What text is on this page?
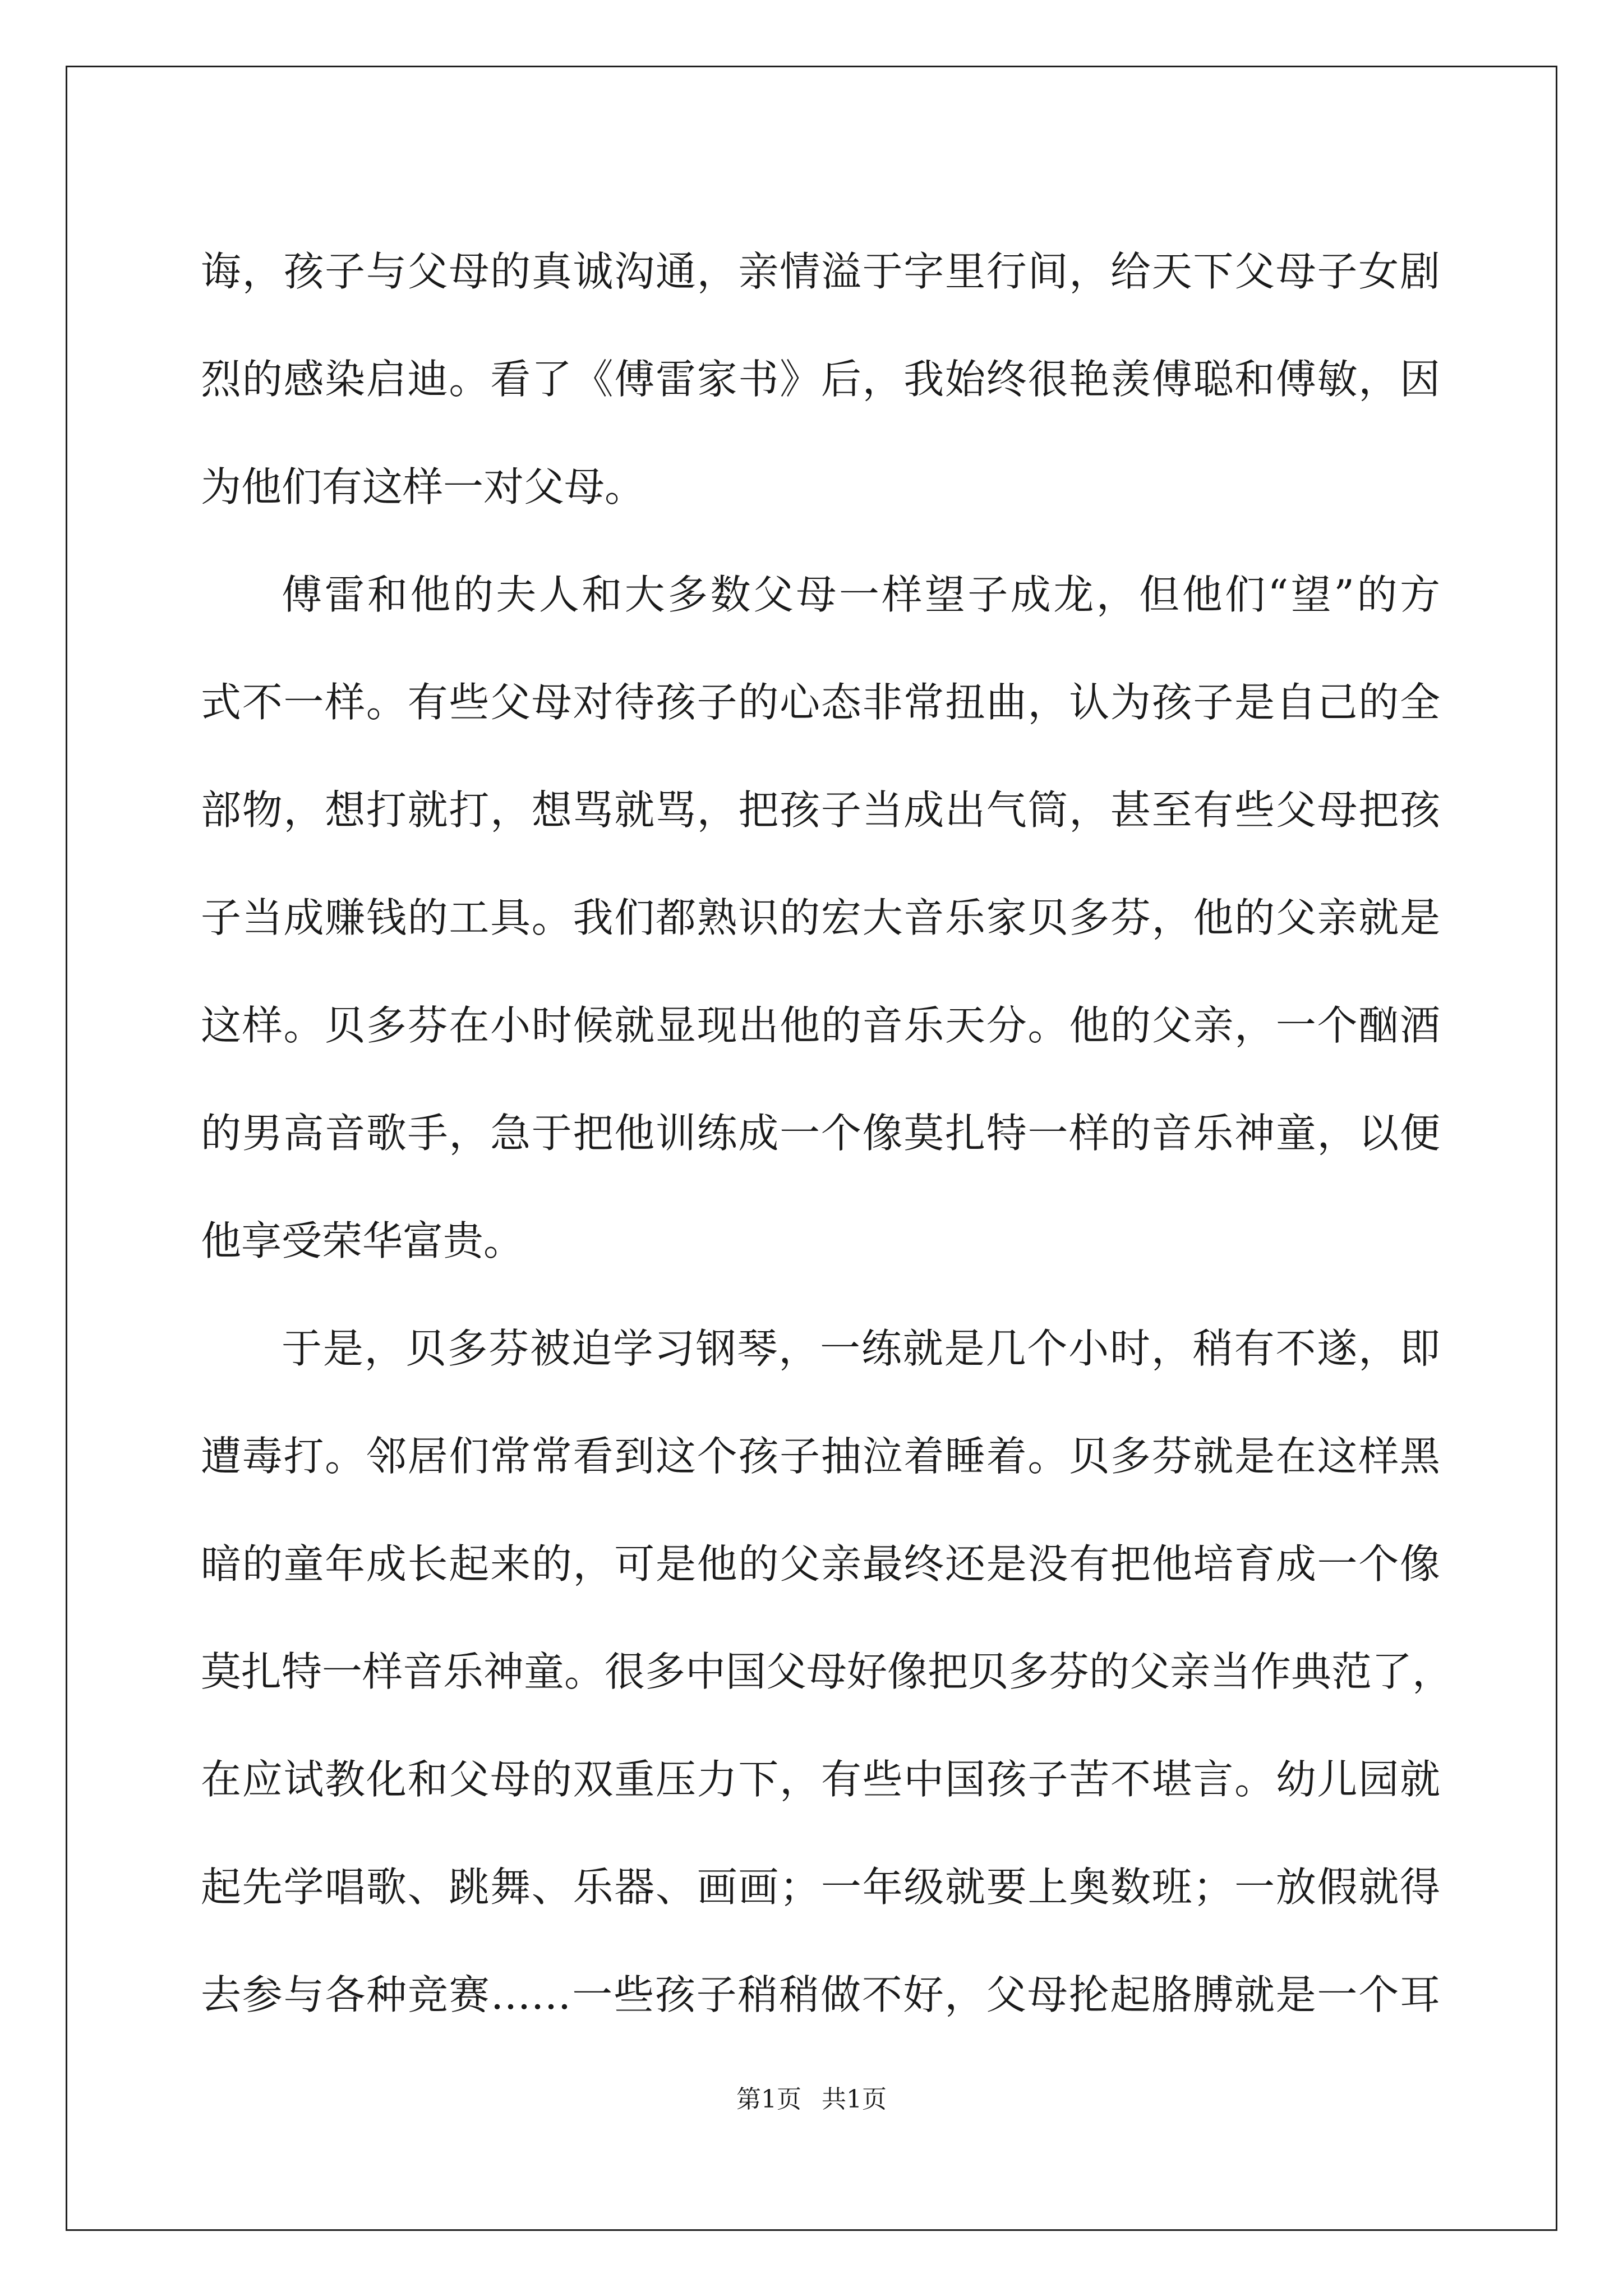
诲，孩子与父母的真诚沟通，亲情溢于字里行间，给天下父母子女剧
烈的感染启迪。看了《傅雷家书》后，我始终很艳羡傅聪和傅敏，因
为他们有这样一对父母。
傅雷和他的夫人和大多数父母一样望子成龙，但他们“望”的方
式不一样。有些父母对待孩子的心态非常扭曲，认为孩子是自己的全
部物，想打就打，想骂就骂，把孩子当成出气筒，甚至有些父母把孩
子当成赚钱的工具。我们都熟识的宏大音乐家贝多芬，他的父亲就是
这样。贝多芬在小时候就显现出他的音乐天分。他的父亲，一个酗酒
的男高音歌手，急于把他训练成一个像莫扎特一样的音乐神童，以便
他享受荣华富贵。
于是，贝多芬被迫学习钢琴，一练就是几个小时，稍有不遂，即
遭毒打。邻居们常常看到这个孩子抽泣着睡着。贝多芬就是在这样黑
暗的童年成长起来的，可是他的父亲最终还是没有把他培育成一个像
莫扎特一样音乐神童。很多中国父母好像把贝多芬的父亲当作典范了，
在应试教化和父母的双重压力下，有些中国孩子苦不堪言。幼儿园就
起先学唱歌、跳舞、乐器、画画；一年级就要上奥数班；一放假就得
去参与各种竞赛……一些孩子稍稍做不好，父母抡起胳膊就是一个耳
第1页 共1页
